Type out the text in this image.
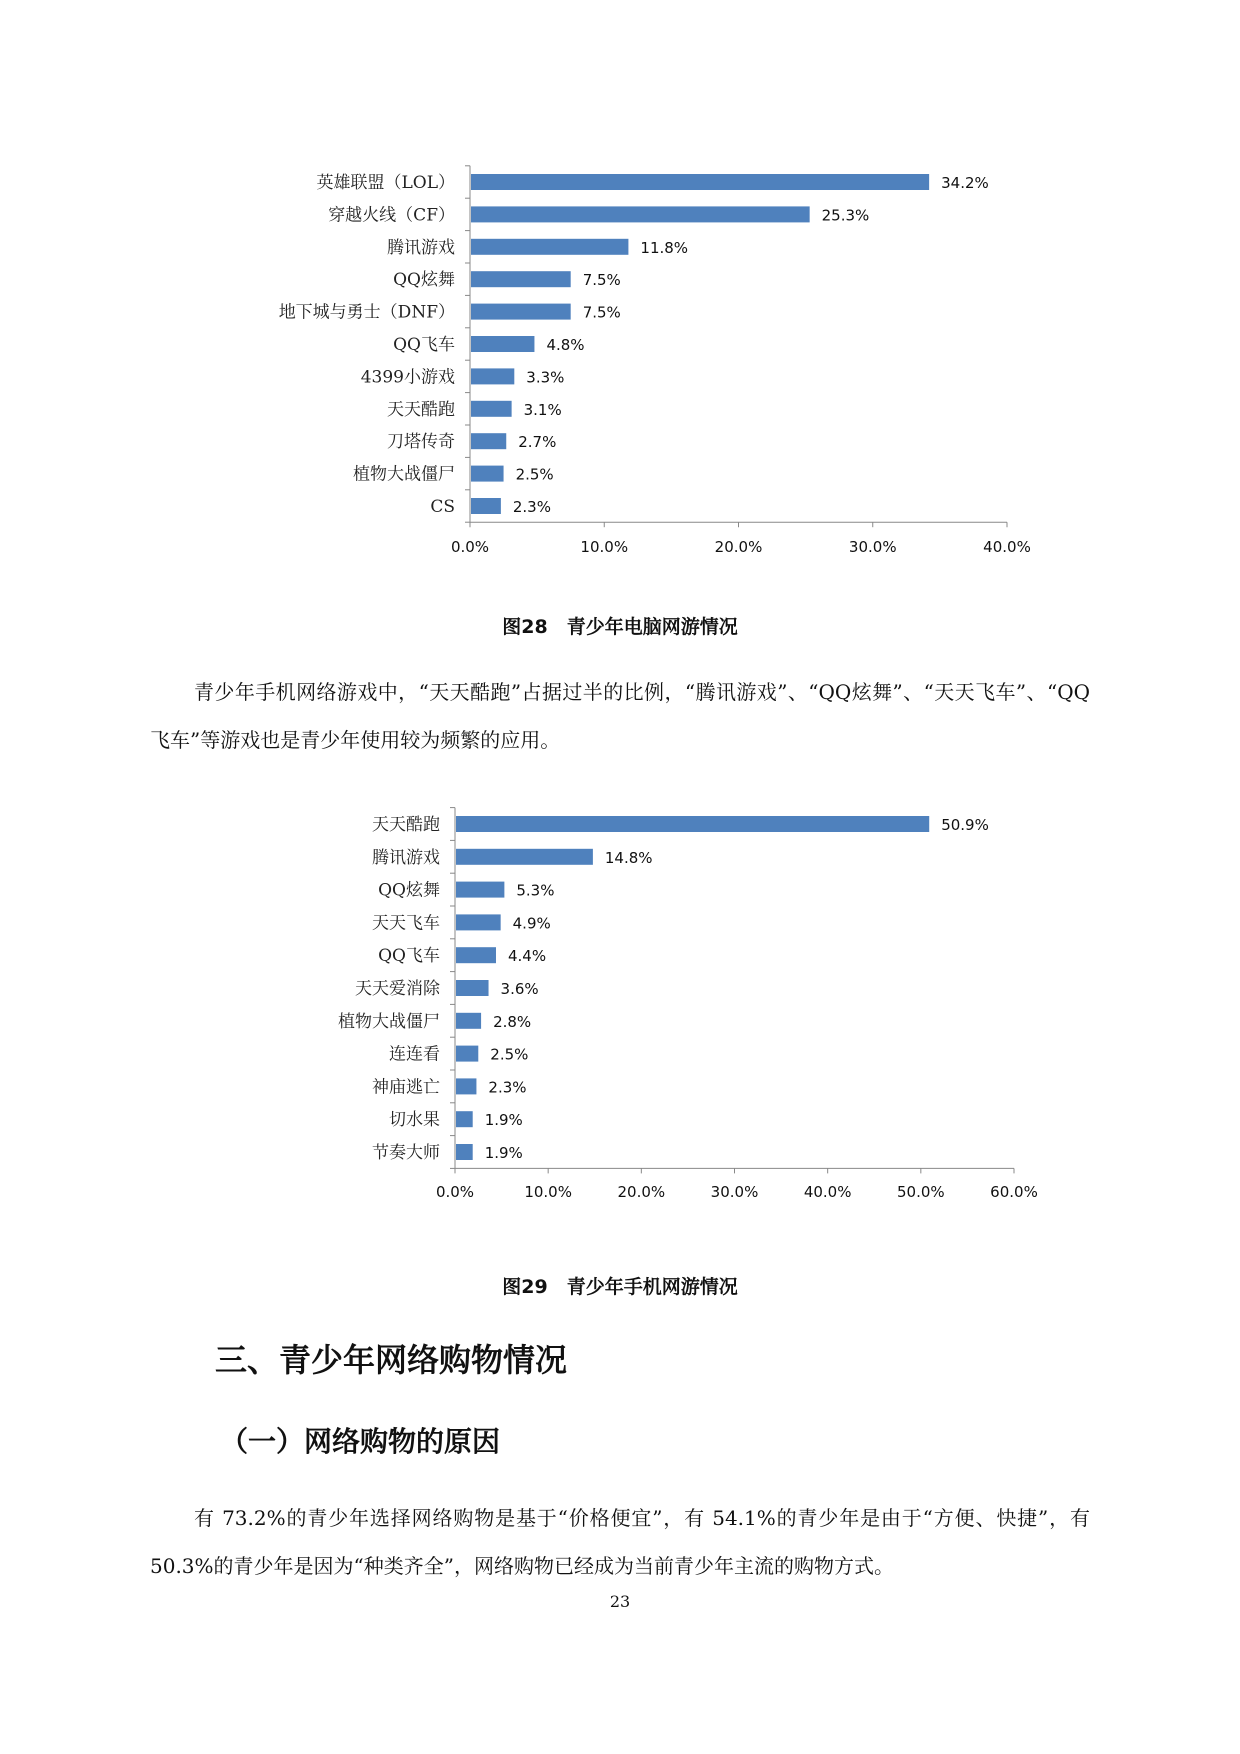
0.0%	10.0%	20.0%	30.0%	40.0%
英雄联盟（LOL）	34.2%
穿越火线（CF）	25.3%
腾讯游戏	11.8%
QQ炫舞	7.5%
地下城与勇士（DNF）	7.5%
QQ飞车	4.8%
4399小游戏	3.3%
天天酷跑	3.1%
刀塔传奇	2.7%
植物大战僵尸	2.5%
CS	2.3%
图28　青少年电脑网游情况

青少年手机网络游戏中，“天天酷跑”占据过半的比例，“腾讯游戏”、“QQ炫舞”、“天天飞车”、“QQ飞车”等游戏也是青少年使用较为频繁的应用。

0.0%	10.0%	20.0%	30.0%	40.0%	50.0%	60.0%
天天酷跑	50.9%
腾讯游戏	14.8%
QQ炫舞	5.3%
天天飞车	4.9%
QQ飞车	4.4%
天天爱消除	3.6%
植物大战僵尸	2.8%
连连看	2.5%
神庙逃亡	2.3%
切水果	1.9%
节奏大师	1.9%
图29　青少年手机网游情况
三、青少年网络购物情况
（一）网络购物的原因

有 73.2%的青少年选择网络购物是基于“价格便宜”，有 54.1%的青少年是由于“方便、快捷”，有 50.3%的青少年是因为“种类齐全”，网络购物已经成为当前青少年主流的购物方式。

23
